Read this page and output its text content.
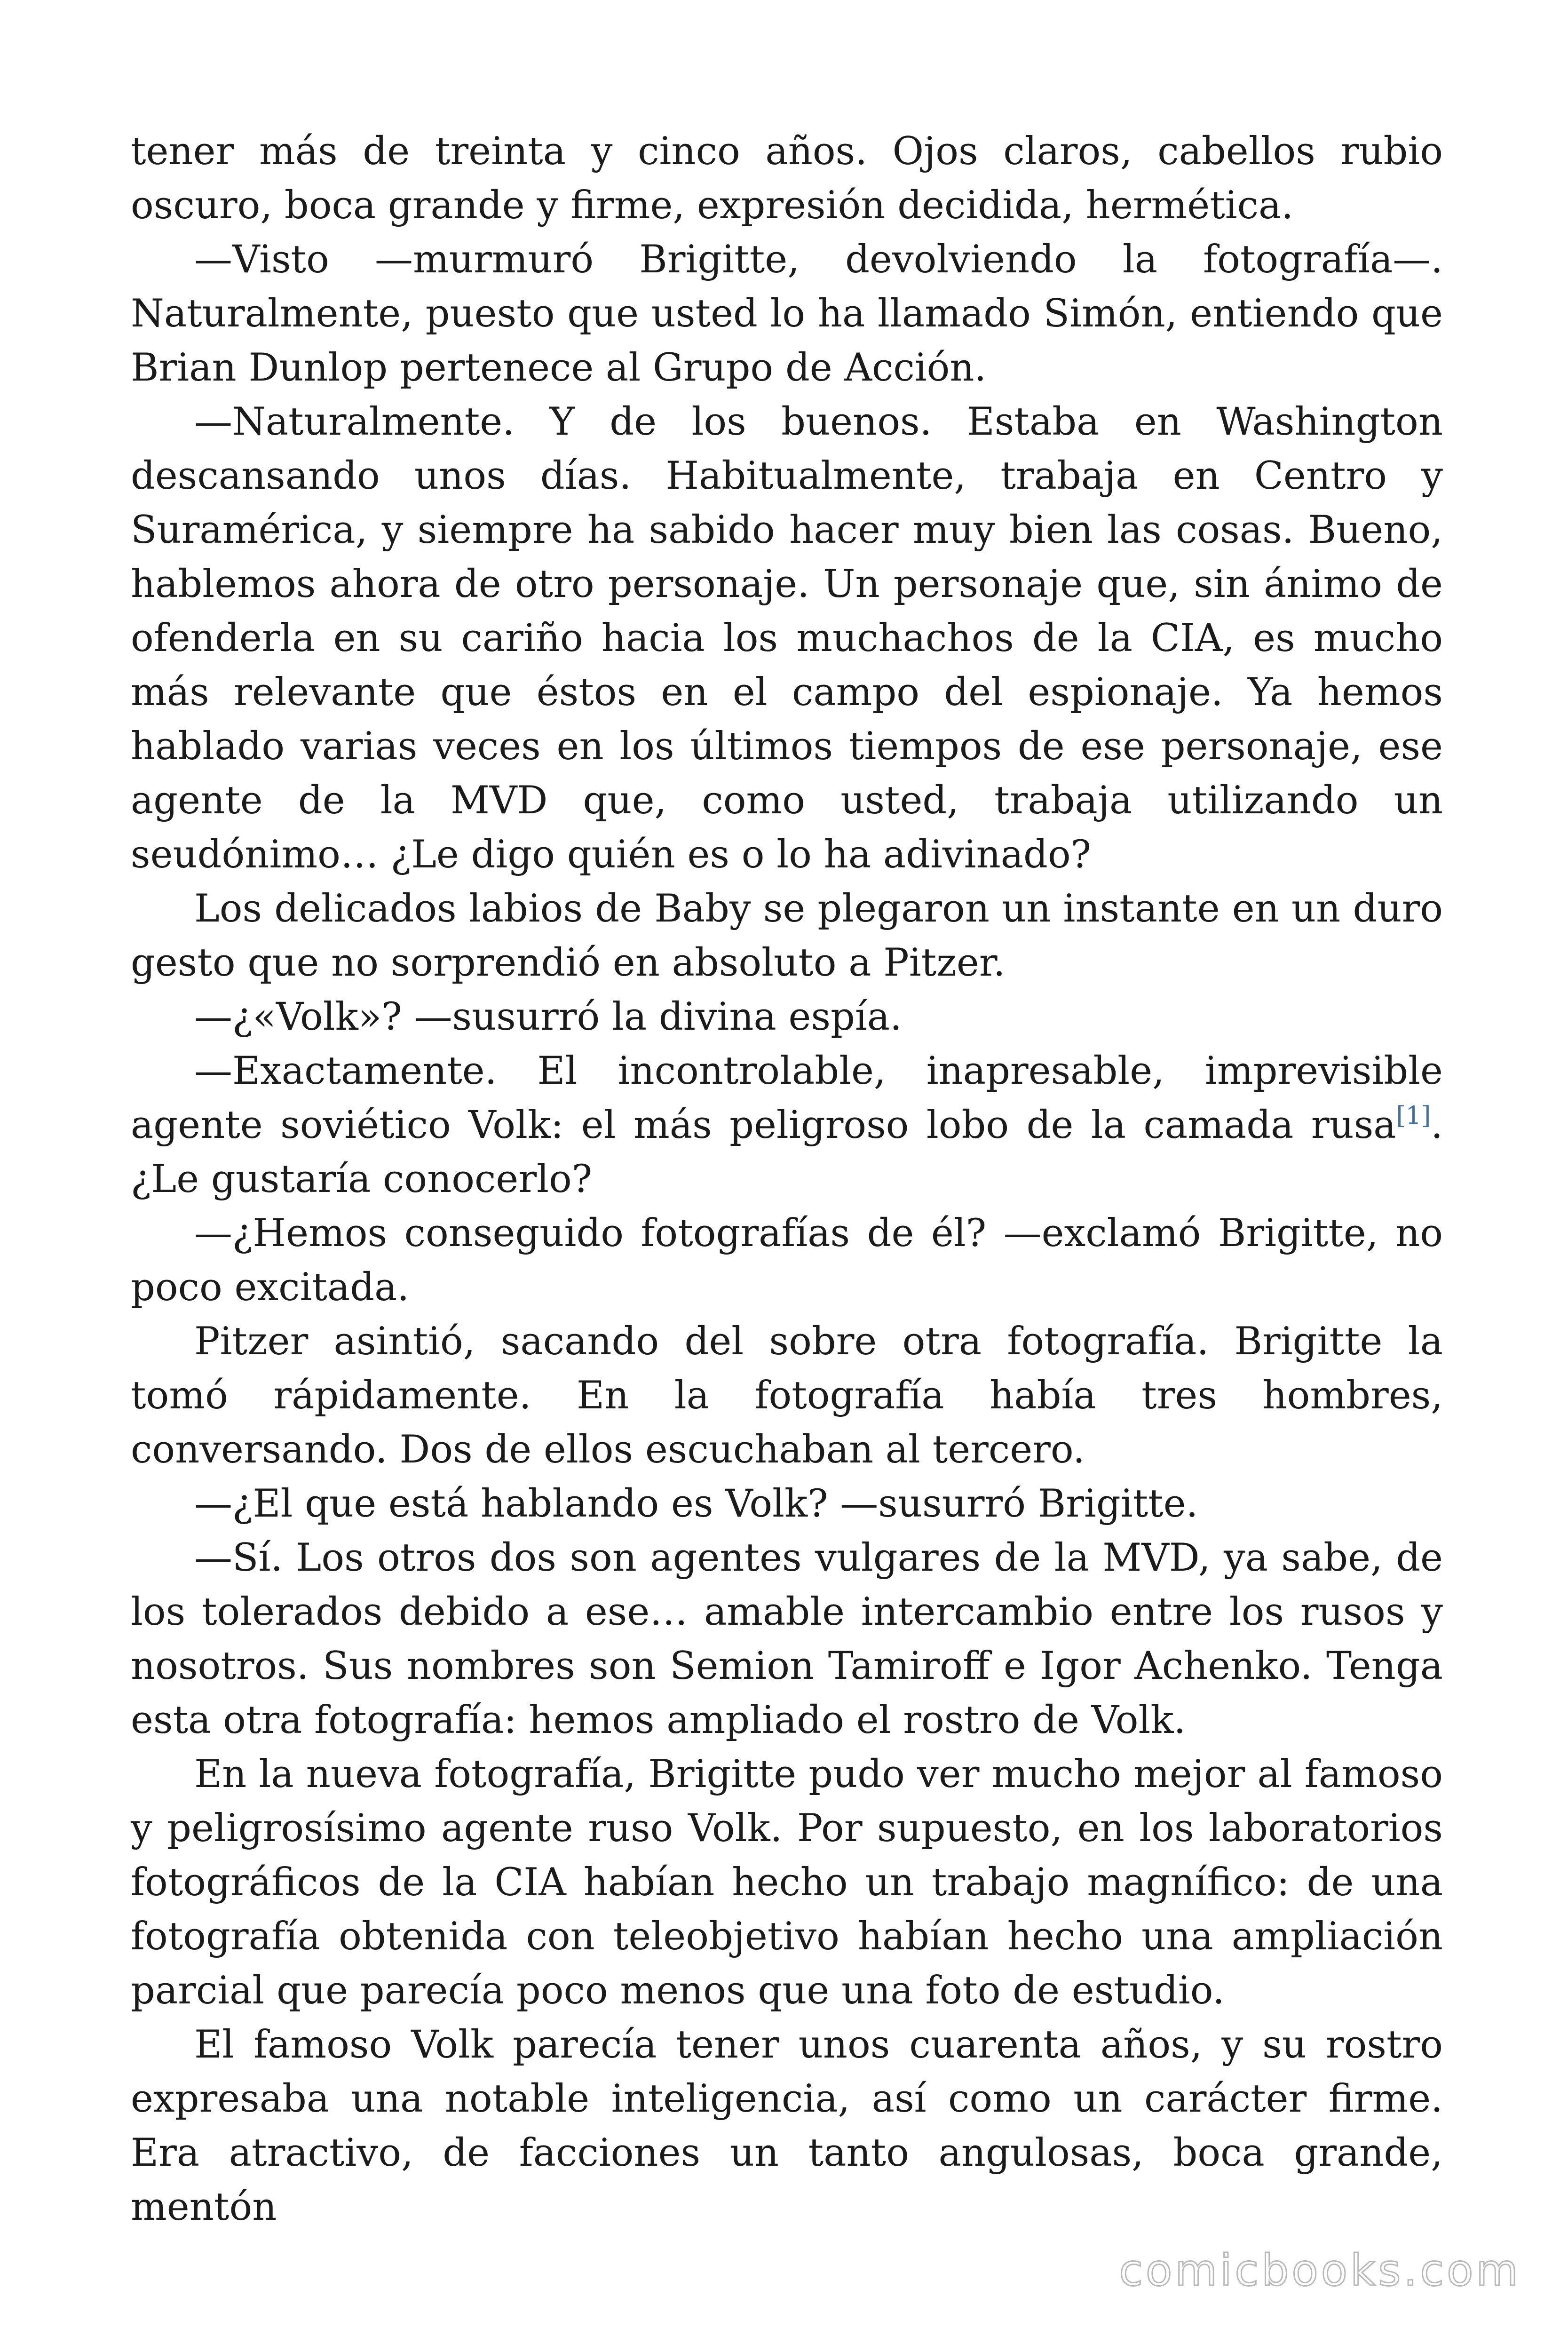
tener más de treinta y cinco años. Ojos claros, cabellos rubio oscuro, boca grande y firme, expresión decidida, hermética.

—Visto —murmuró Brigitte, devolviendo la fotografía—. Naturalmente, puesto que usted lo ha llamado Simón, entiendo que Brian Dunlop pertenece al Grupo de Acción.

—Naturalmente. Y de los buenos. Estaba en Washington descansando unos días. Habitualmente, trabaja en Centro y Suramérica, y siempre ha sabido hacer muy bien las cosas. Bueno, hablemos ahora de otro personaje. Un personaje que, sin ánimo de ofenderla en su cariño hacia los muchachos de la CIA, es mucho más relevante que éstos en el campo del espionaje. Ya hemos hablado varias veces en los últimos tiempos de ese personaje, ese agente de la MVD que, como usted, trabaja utilizando un seudónimo… ¿Le digo quién es o lo ha adivinado?

Los delicados labios de Baby se plegaron un instante en un duro gesto que no sorprendió en absoluto a Pitzer.

—¿«Volk»? —susurró la divina espía.

—Exactamente. El incontrolable, inapresable, imprevisible agente soviético Volk: el más peligroso lobo de la camada rusa[1]. ¿Le gustaría conocerlo?

—¿Hemos conseguido fotografías de él? —exclamó Brigitte, no poco excitada.

Pitzer asintió, sacando del sobre otra fotografía. Brigitte la tomó rápidamente. En la fotografía había tres hombres, conversando. Dos de ellos escuchaban al tercero.

—¿El que está hablando es Volk? —susurró Brigitte.

—Sí. Los otros dos son agentes vulgares de la MVD, ya sabe, de los tolerados debido a ese… amable intercambio entre los rusos y nosotros. Sus nombres son Semion Tamiroff e Igor Achenko. Tenga esta otra fotografía: hemos ampliado el rostro de Volk.

En la nueva fotografía, Brigitte pudo ver mucho mejor al famoso y peligrosísimo agente ruso Volk. Por supuesto, en los laboratorios fotográficos de la CIA habían hecho un trabajo magnífico: de una fotografía obtenida con teleobjetivo habían hecho una ampliación parcial que parecía poco menos que una foto de estudio.

El famoso Volk parecía tener unos cuarenta años, y su rostro expresaba una notable inteligencia, así como un carácter firme. Era atractivo, de facciones un tanto angulosas, boca grande, mentón

comicbooks.com
